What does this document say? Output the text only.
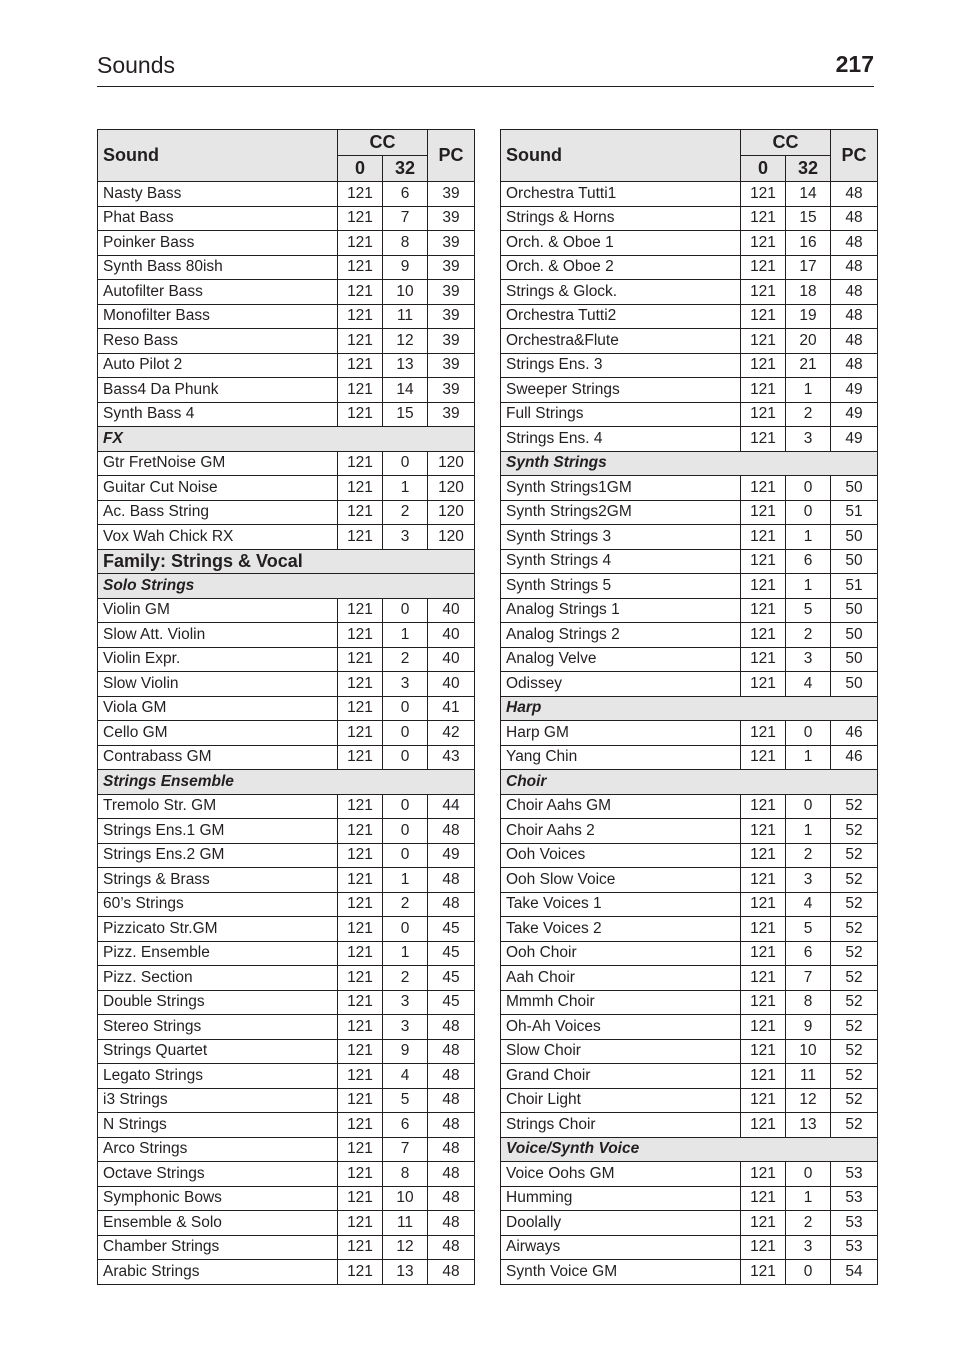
Sounds	217
Sound	CC		PC
	0	32	
Nasty Bass	121	6	39
Phat Bass	121	7	39
Poinker Bass	121	8	39
Synth Bass 80ish	121	9	39
Autofilter Bass	121	10	39
Monofilter Bass	121	11	39
Reso Bass	121	12	39
Auto Pilot 2	121	13	39
Bass4 Da Phunk	121	14	39
Synth Bass 4	121	15	39
FX			
Gtr FretNoise GM	121	0	120
Guitar Cut Noise	121	1	120
Ac. Bass String	121	2	120
Vox Wah Chick RX	121	3	120
Family: Strings & Vocal			
Solo Strings			
Violin GM	121	0	40
Slow Att. Violin	121	1	40
Violin Expr.	121	2	40
Slow Violin	121	3	40
Viola GM	121	0	41
Cello GM	121	0	42
Contrabass GM	121	0	43
Strings Ensemble			
Tremolo Str. GM	121	0	44
Strings Ens.1 GM	121	0	48
Strings Ens.2 GM	121	0	49
Strings & Brass	121	1	48
60’s Strings	121	2	48
Pizzicato Str.GM	121	0	45
Pizz. Ensemble	121	1	45
Pizz. Section	121	2	45
Double Strings	121	3	45
Stereo Strings	121	3	48
Strings Quartet	121	9	48
Legato Strings	121	4	48
i3 Strings	121	5	48
N Strings	121	6	48
Arco Strings	121	7	48
Octave Strings	121	8	48
Symphonic Bows	121	10	48
Ensemble & Solo	121	11	48
Chamber Strings	121	12	48
Arabic Strings	121	13	48
Sound	CC		PC
	0	32	
Orchestra Tutti1	121	14	48
Strings & Horns	121	15	48
Orch. & Oboe 1	121	16	48
Orch. & Oboe 2	121	17	48
Strings & Glock.	121	18	48
Orchestra Tutti2	121	19	48
Orchestra&Flute	121	20	48
Strings Ens. 3	121	21	48
Sweeper Strings	121	1	49
Full Strings	121	2	49
Strings Ens. 4	121	3	49
Synth Strings			
Synth Strings1GM	121	0	50
Synth Strings2GM	121	0	51
Synth Strings 3	121	1	50
Synth Strings 4	121	6	50
Synth Strings 5	121	1	51
Analog Strings 1	121	5	50
Analog Strings 2	121	2	50
Analog Velve	121	3	50
Odissey	121	4	50
Harp			
Harp GM	121	0	46
Yang Chin	121	1	46
Choir			
Choir Aahs GM	121	0	52
Choir Aahs 2	121	1	52
Ooh Voices	121	2	52
Ooh Slow Voice	121	3	52
Take Voices 1	121	4	52
Take Voices 2	121	5	52
Ooh Choir	121	6	52
Aah Choir	121	7	52
Mmmh Choir	121	8	52
Oh-Ah Voices	121	9	52
Slow Choir	121	10	52
Grand Choir	121	11	52
Choir Light	121	12	52
Strings Choir	121	13	52
Voice/Synth Voice			
Voice Oohs GM	121	0	53
Humming	121	1	53
Doolally	121	2	53
Airways	121	3	53
Synth Voice GM	121	0	54
